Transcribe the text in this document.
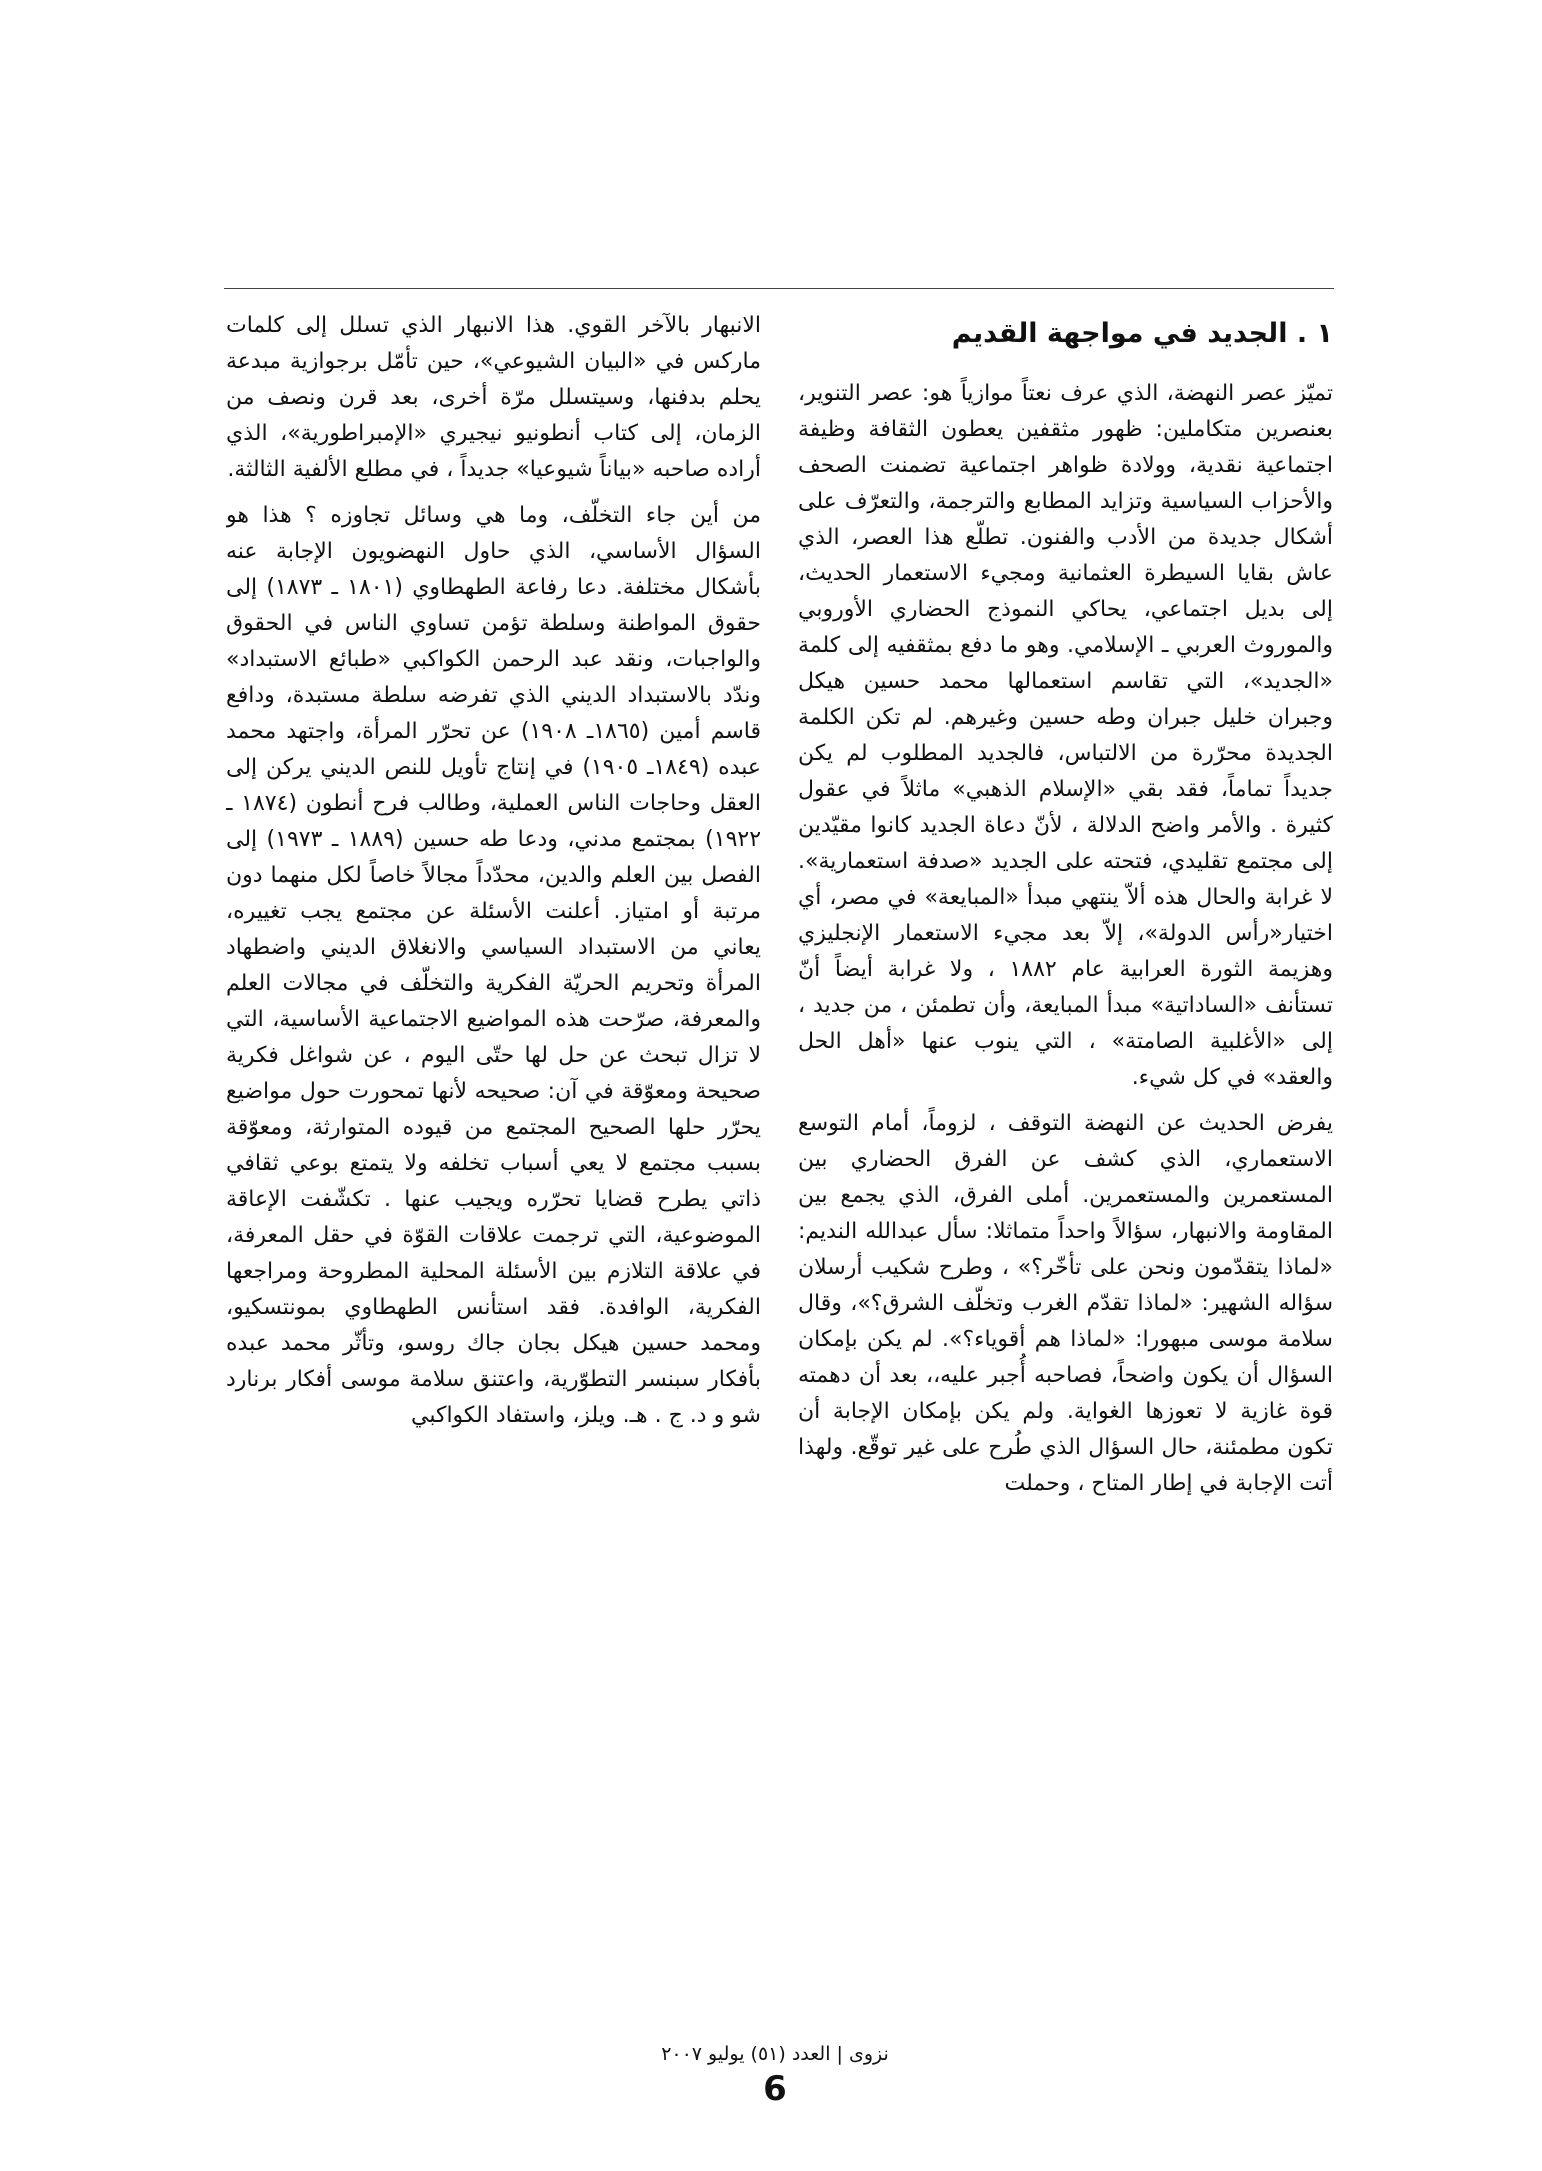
١ . الجديد في مواجهة القديم

تميّز عصر النهضة، الذي عرف نعتاً موازياً هو: عصر التنوير، بعنصرين متكاملين: ظهور مثقفين يعطون الثقافة وظيفة اجتماعية نقدية، وولادة ظواهر اجتماعية تضمنت الصحف والأحزاب السياسية وتزايد المطابع والترجمة، والتعرّف على أشكال جديدة من الأدب والفنون. تطلّع هذا العصر، الذي عاش بقايا السيطرة العثمانية ومجيء الاستعمار الحديث، إلى بديل اجتماعي، يحاكي النموذج الحضاري الأوروبي والموروث العربي ـ الإسلامي. وهو ما دفع بمثقفيه إلى كلمة «الجديد»، التي تقاسم استعمالها محمد حسين هيكل وجبران خليل جبران وطه حسين وغيرهم. لم تكن الكلمة الجديدة محرّرة من الالتباس، فالجديد المطلوب لم يكن جديداً تماماً، فقد بقي «الإسلام الذهبي» ماثلاً في عقول كثيرة . والأمر واضح الدلالة ، لأنّ دعاة الجديد كانوا مقيّدين إلى مجتمع تقليدي، فتحته على الجديد «صدفة استعمارية». لا غرابة والحال هذه ألاّ ينتهي مبدأ «المبايعة» في مصر، أي اختيار«رأس الدولة»، إلاّ بعد مجيء الاستعمار الإنجليزي وهزيمة الثورة العرابية عام ١٨٨٢ ، ولا غرابة أيضاً أنّ تستأنف «الساداتية» مبدأ المبايعة، وأن تطمئن ، من جديد ، إلى «الأغلبية الصامتة» ، التي ينوب عنها «أهل الحل والعقد» في كل شيء.

يفرض الحديث عن النهضة التوقف ، لزوماً، أمام التوسع الاستعماري، الذي كشف عن الفرق الحضاري بين المستعمرين والمستعمرين. أملى الفرق، الذي يجمع بين المقاومة والانبهار، سؤالاً واحداً متماثلا: سأل عبدالله النديم: «لماذا يتقدّمون ونحن على تأخّر؟» ، وطرح شكيب أرسلان سؤاله الشهير: «لماذا تقدّم الغرب وتخلّف الشرق؟»، وقال سلامة موسى مبهورا: «لماذا هم أقوياء؟». لم يكن بإمكان السؤال أن يكون واضحاً، فصاحبه أُجبر عليه،، بعد أن دهمته قوة غازية لا تعوزها الغواية. ولم يكن بإمكان الإجابة أن تكون مطمئنة، حال السؤال الذي طُرح على غير توقّع. ولهذا أتت الإجابة في إطار المتاح ، وحملت

الانبهار بالآخر القوي. هذا الانبهار الذي تسلل إلى كلمات ماركس في «البيان الشيوعي»، حين تأمّل برجوازية مبدعة يحلم بدفنها، وسيتسلل مرّة أخرى، بعد قرن ونصف من الزمان، إلى كتاب أنطونيو نيجيري «الإمبراطورية»، الذي أراده صاحبه «بياناً شيوعيا» جديداً ، في مطلع الألفية الثالثة.

من أين جاء التخلّف، وما هي وسائل تجاوزه ؟ هذا هو السؤال الأساسي، الذي حاول النهضويون الإجابة عنه بأشكال مختلفة. دعا رفاعة الطهطاوي (١٨٠١ ـ ١٨٧٣) إلى حقوق المواطنة وسلطة تؤمن تساوي الناس في الحقوق والواجبات، ونقد عبد الرحمن الكواكبي «طبائع الاستبداد» وندّد بالاستبداد الديني الذي تفرضه سلطة مستبدة، ودافع قاسم أمين (١٨٦٥ـ ١٩٠٨) عن تحرّر المرأة، واجتهد محمد عبده (١٨٤٩ـ ١٩٠٥) في إنتاج تأويل للنص الديني يركن إلى العقل وحاجات الناس العملية، وطالب فرح أنطون (١٨٧٤ ـ ١٩٢٢) بمجتمع مدني، ودعا طه حسين (١٨٨٩ ـ ١٩٧٣) إلى الفصل بين العلم والدين، محدّداً مجالاً خاصاً لكل منهما دون مرتبة أو امتياز. أعلنت الأسئلة عن مجتمع يجب تغييره، يعاني من الاستبداد السياسي والانغلاق الديني واضطهاد المرأة وتحريم الحريّة الفكرية والتخلّف في مجالات العلم والمعرفة، صرّحت هذه المواضيع الاجتماعية الأساسية، التي لا تزال تبحث عن حل لها حتّى اليوم ، عن شواغل فكرية صحيحة ومعوّقة في آن: صحيحه لأنها تمحورت حول مواضيع يحرّر حلها الصحيح المجتمع من قيوده المتوارثة، ومعوّقة بسبب مجتمع لا يعي أسباب تخلفه ولا يتمتع بوعي ثقافي ذاتي يطرح قضايا تحرّره ويجيب عنها . تكشّفت الإعاقة الموضوعية، التي ترجمت علاقات القوّة في حقل المعرفة، في علاقة التلازم بين الأسئلة المحلية المطروحة ومراجعها الفكرية، الوافدة. فقد استأنس الطهطاوي بمونتسكيو، ومحمد حسين هيكل بجان جاك روسو، وتأثّر محمد عبده بأفكار سبنسر التطوّرية، واعتنق سلامة موسى أفكار برنارد شو و د. ج . هـ. ويلز، واستفاد الكواكبي

نزوى | العدد (٥١) يوليو ٢٠٠٧
6
